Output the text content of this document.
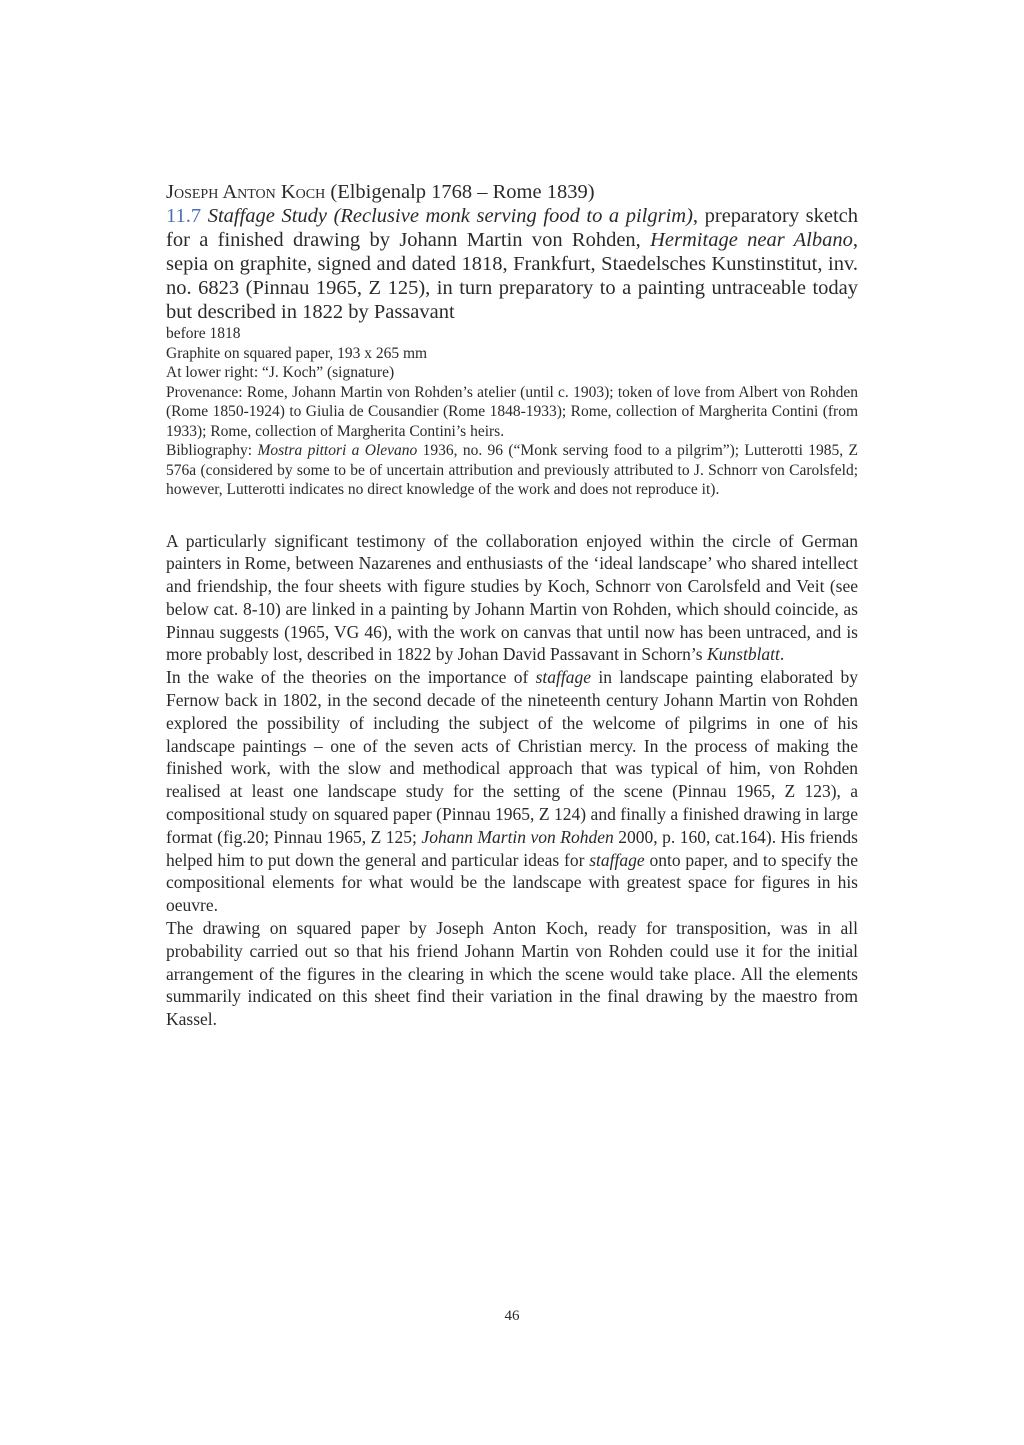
Joseph Anton Koch (Elbigenalp 1768 – Rome 1839)
11.7 Staffage Study (Reclusive monk serving food to a pilgrim), preparatory sketch for a finished drawing by Johann Martin von Rohden, Hermitage near Albano, sepia on graphite, signed and dated 1818, Frankfurt, Staedelsches Kunstinstitut, inv. no. 6823 (Pinnau 1965, Z 125), in turn preparatory to a painting untraceable today but described in 1822 by Passavant

before 1818

Graphite on squared paper, 193 x 265 mm

At lower right: “J. Koch” (signature)

Provenance: Rome, Johann Martin von Rohden’s atelier (until c. 1903); token of love from Albert von Rohden (Rome 1850-1924) to Giulia de Cousandier (Rome 1848-1933); Rome, collection of Margherita Contini (from 1933); Rome, collection of Margherita Contini’s heirs.

Bibliography: Mostra pittori a Olevano 1936, no. 96 (“Monk serving food to a pilgrim”); Lutterotti 1985, Z 576a (considered by some to be of uncertain attribution and previously attributed to J. Schnorr von Carolsfeld; however, Lutterotti indicates no direct knowledge of the work and does not reproduce it).

A particularly significant testimony of the collaboration enjoyed within the circle of German painters in Rome, between Nazarenes and enthusiasts of the ‘ideal landscape’ who shared intellect and friendship, the four sheets with figure studies by Koch, Schnorr von Carolsfeld and Veit (see below cat. 8-10) are linked in a painting by Johann Martin von Rohden, which should coincide, as Pinnau suggests (1965, VG 46), with the work on canvas that until now has been untraced, and is more probably lost, described in 1822 by Johan David Passavant in Schorn’s Kunstblatt.

In the wake of the theories on the importance of staffage in landscape painting elaborated by Fernow back in 1802, in the second decade of the nineteenth century Johann Martin von Rohden explored the possibility of including the subject of the welcome of pilgrims in one of his landscape paintings – one of the seven acts of Christian mercy. In the process of making the finished work, with the slow and methodical approach that was typical of him, von Rohden realised at least one landscape study for the setting of the scene (Pinnau 1965, Z 123), a compositional study on squared paper (Pinnau 1965, Z 124) and finally a finished drawing in large format (fig.20; Pinnau 1965, Z 125; Johann Martin von Rohden 2000, p. 160, cat.164). His friends helped him to put down the general and particular ideas for staffage onto paper, and to specify the compositional elements for what would be the landscape with greatest space for figures in his oeuvre.

The drawing on squared paper by Joseph Anton Koch, ready for transposition, was in all probability carried out so that his friend Johann Martin von Rohden could use it for the initial arrangement of the figures in the clearing in which the scene would take place. All the elements summarily indicated on this sheet find their variation in the final drawing by the maestro from Kassel.

46
